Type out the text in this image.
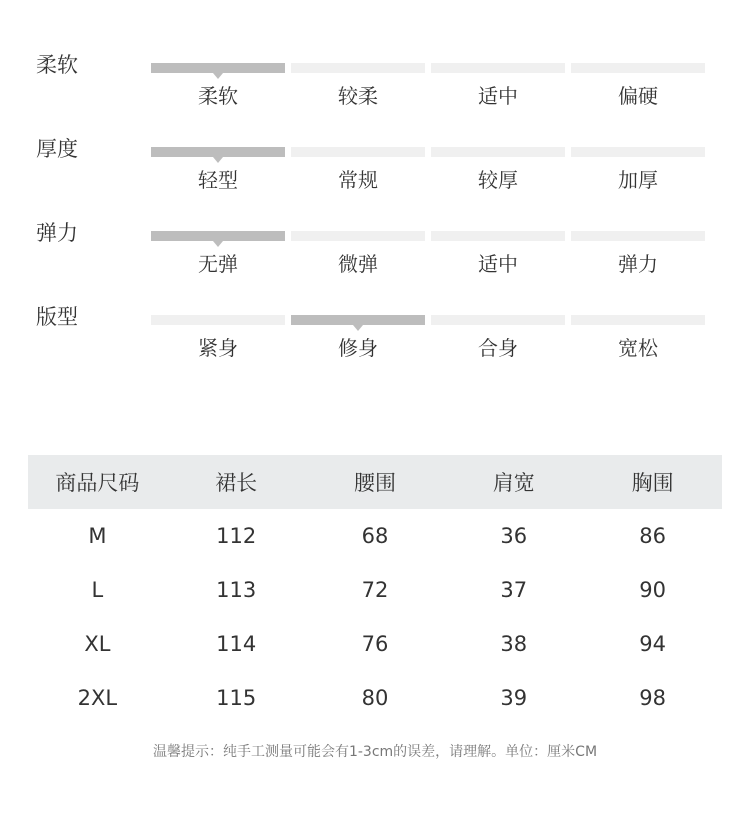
柔软
柔软	较柔	适中	偏硬
厚度
轻型	常规	较厚	加厚
弹力
无弹	微弹	适中	弹力
版型
紧身	修身	合身	宽松
商品尺码	裙长	腰围	肩宽	胸围
M	112	68	36	86
L	113	72	37	90
XL	114	76	38	94
2XL	115	80	39	98
温馨提示：纯手工测量可能会有1-3cm的误差，请理解。单位：厘米CM
